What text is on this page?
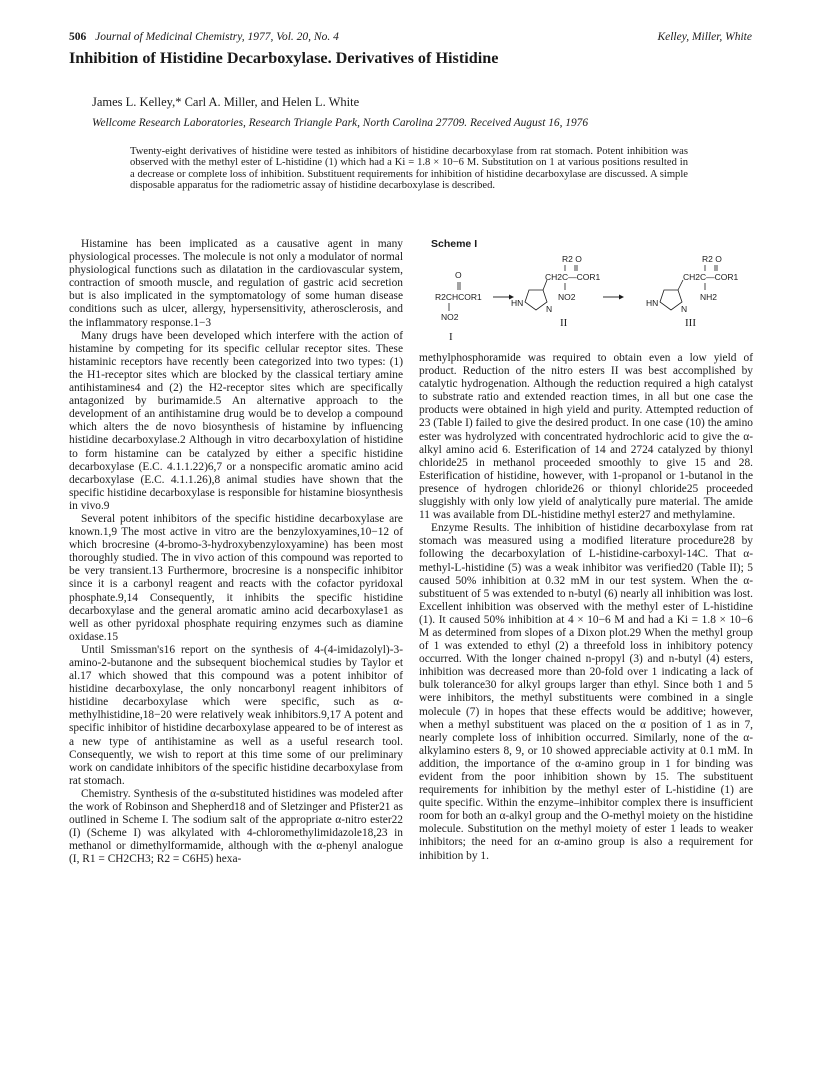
506 Journal of Medicinal Chemistry, 1977, Vol. 20, No. 4	Kelley, Miller, White
Inhibition of Histidine Decarboxylase. Derivatives of Histidine
James L. Kelley,* Carl A. Miller, and Helen L. White
Wellcome Research Laboratories, Research Triangle Park, North Carolina 27709. Received August 16, 1976
Twenty-eight derivatives of histidine were tested as inhibitors of histidine decarboxylase from rat stomach. Potent inhibition was observed with the methyl ester of L-histidine (1) which had a Ki = 1.8 × 10−6 M. Substitution on 1 at various positions resulted in a decrease or complete loss of inhibition. Substituent requirements for inhibition of histidine decarboxylase are discussed. A simple disposable apparatus for the radiometric assay of histidine decarboxylase is described.

Histamine has been implicated as a causative agent in many physiological processes. The molecule is not only a modulator of normal physiological functions such as dilatation in the cardiovascular system, contraction of smooth muscle, and regulation of gastric acid secretion but is also implicated in the symptomatology of some human disease conditions such as ulcer, allergy, hypersensitivity, atherosclerosis, and the inflammatory response.1−3

Many drugs have been developed which interfere with the action of histamine by competing for its specific cellular receptor sites. These histaminic receptors have recently been categorized into two types: (1) the H1-receptor sites which are blocked by the classical tertiary amine antihistamines4 and (2) the H2-receptor sites which are specifically antagonized by burimamide.5 An alternative approach to the development of an antihistamine drug would be to develop a compound which alters the de novo biosynthesis of histamine by influencing histidine decarboxylase.2 Although in vitro decarboxylation of histidine to form histamine can be catalyzed by either a specific histidine decarboxylase (E.C. 4.1.1.22)6,7 or a nonspecific aromatic amino acid decarboxylase (E.C. 4.1.1.26),8 animal studies have shown that the specific histidine decarboxylase is responsible for histamine biosynthesis in vivo.9

Several potent inhibitors of the specific histidine decarboxylase are known.1,9 The most active in vitro are the benzyloxyamines,10−12 of which brocresine (4-bromo-3-hydroxybenzyloxyamine) has been most thoroughly studied. The in vivo action of this compound was reported to be very transient.13 Furthermore, brocresine is a nonspecific inhibitor since it is a carbonyl reagent and reacts with the cofactor pyridoxal phosphate.9,14 Consequently, it inhibits the specific histidine decarboxylase and the general aromatic amino acid decarboxylase1 as well as other pyridoxal phosphate requiring enzymes such as diamine oxidase.15

Until Smissman's16 report on the synthesis of 4-(4-imidazolyl)-3-amino-2-butanone and the subsequent biochemical studies by Taylor et al.17 which showed that this compound was a potent inhibitor of histidine decarboxylase, the only noncarbonyl reagent inhibitors of histidine decarboxylase which were specific, such as α-methylhistidine,18−20 were relatively weak inhibitors.9,17 A potent and specific inhibitor of histidine decarboxylase appeared to be of interest as a new type of antihistamine as well as a useful research tool. Consequently, we wish to report at this time some of our preliminary work on candidate inhibitors of the specific histidine decarboxylase from rat stomach.

Chemistry. Synthesis of the α-substituted histidines was modeled after the work of Robinson and Shepherd18 and of Sletzinger and Pfister21 as outlined in Scheme I. The sodium salt of the appropriate α-nitro ester22 (I) (Scheme I) was alkylated with 4-chloromethylimidazole18,23 in methanol or dimethylformamide, although with the α-phenyl analogue (I, R1 = CH2CH3; R2 = C6H5) hexa-

Scheme I
O
R2CHCOR1
NO2
I
R2 O
CH2C—COR1
NO2
HN
N
II
R2 O
CH2C—COR1
NH2
HN
N
III

methylphosphoramide was required to obtain even a low yield of product. Reduction of the nitro esters II was best accomplished by catalytic hydrogenation. Although the reduction required a high catalyst to substrate ratio and extended reaction times, in all but one case the products were obtained in high yield and purity. Attempted reduction of 23 (Table I) failed to give the desired product. In one case (10) the amino ester was hydrolyzed with concentrated hydrochloric acid to give the α-alkyl amino acid 6. Esterification of 14 and 2724 catalyzed by thionyl chloride25 in methanol proceeded smoothly to give 15 and 28. Esterification of histidine, however, with 1-propanol or 1-butanol in the presence of hydrogen chloride26 or thionyl chloride25 proceeded sluggishly with only low yield of analytically pure material. The amide 11 was available from DL-histidine methyl ester27 and methylamine.

Enzyme Results. The inhibition of histidine decarboxylase from rat stomach was measured using a modified literature procedure28 by following the decarboxylation of L-histidine-carboxyl-14C. That α-methyl-L-histidine (5) was a weak inhibitor was verified20 (Table II); 5 caused 50% inhibition at 0.32 mM in our test system. When the α-substituent of 5 was extended to n-butyl (6) nearly all inhibition was lost. Excellent inhibition was observed with the methyl ester of L-histidine (1). It caused 50% inhibition at 4 × 10−6 M and had a Ki = 1.8 × 10−6 M as determined from slopes of a Dixon plot.29 When the methyl group of 1 was extended to ethyl (2) a threefold loss in inhibitory potency occurred. With the longer chained n-propyl (3) and n-butyl (4) esters, inhibition was decreased more than 20-fold over 1 indicating a lack of bulk tolerance30 for alkyl groups larger than ethyl. Since both 1 and 5 were inhibitors, the methyl substituents were combined in a single molecule (7) in hopes that these effects would be additive; however, when a methyl substituent was placed on the α position of 1 as in 7, nearly complete loss of inhibition occurred. Similarly, none of the α-alkylamino esters 8, 9, or 10 showed appreciable activity at 0.1 mM. In addition, the importance of the α-amino group in 1 for binding was evident from the poor inhibition shown by 15. The substituent requirements for inhibition by the methyl ester of L-histidine (1) are quite specific. Within the enzyme–inhibitor complex there is insufficient room for both an α-alkyl group and the O-methyl moiety on the histidine molecule. Substitution on the methyl moiety of ester 1 leads to weaker inhibitors; the need for an α-amino group is also a requirement for inhibition by 1.
